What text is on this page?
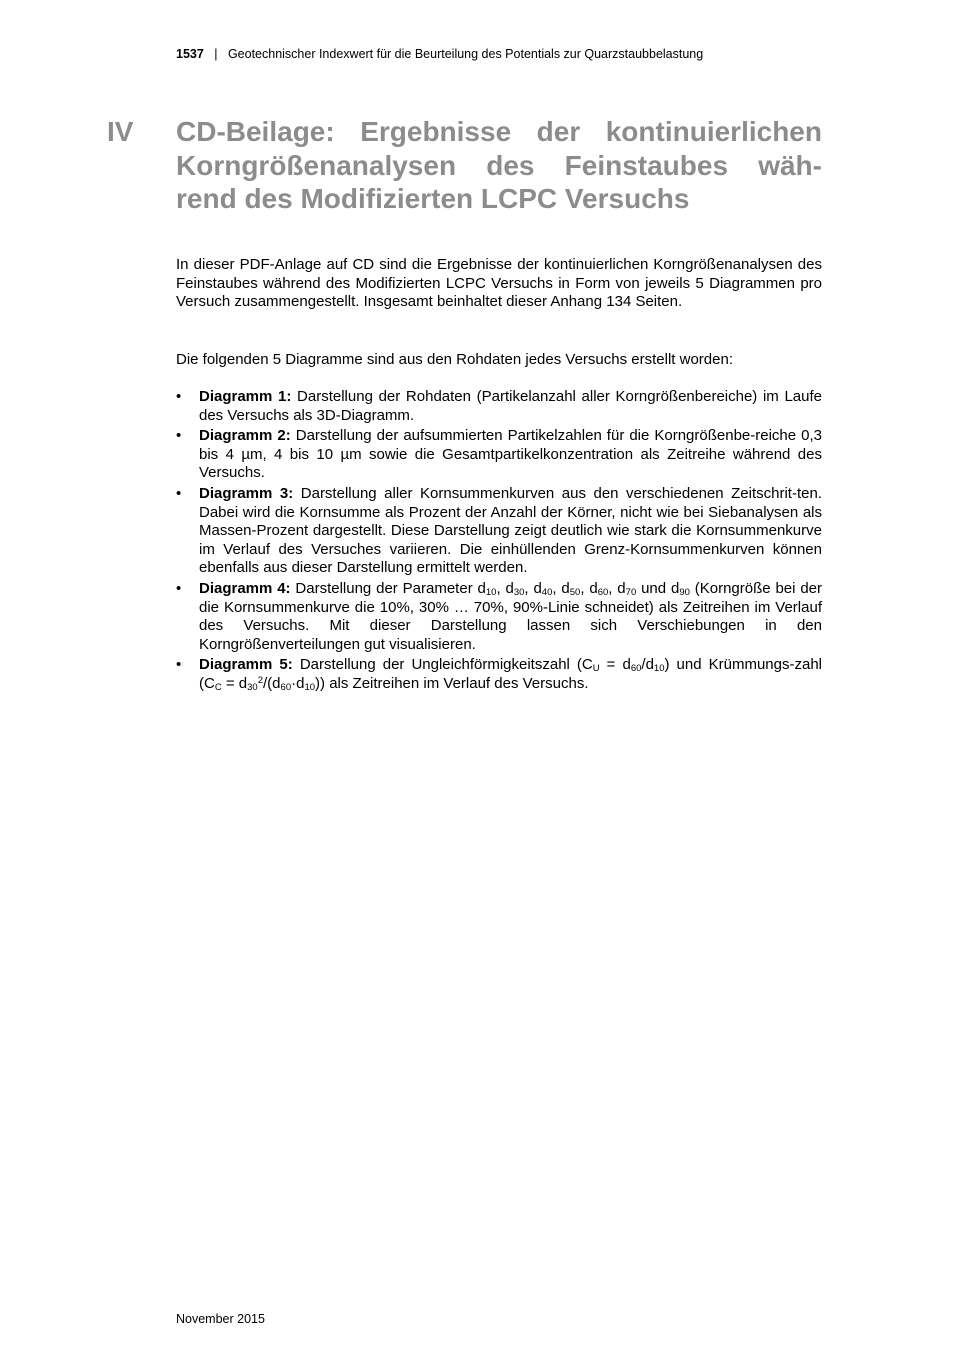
1537 | Geotechnischer Indexwert für die Beurteilung des Potentials zur Quarzstaubbelastung
IV CD-Beilage: Ergebnisse der kontinuierlichen
Korngrößenanalysen des Feinstaubes wäh-
rend des Modifizierten LCPC Versuchs

In dieser PDF-Anlage auf CD sind die Ergebnisse der kontinuierlichen Korngrößenanalysen des Feinstaubes während des Modifizierten LCPC Versuchs in Form von jeweils 5 Diagrammen pro Versuch zusammengestellt. Insgesamt beinhaltet dieser Anhang 134 Seiten.

Die folgenden 5 Diagramme sind aus den Rohdaten jedes Versuchs erstellt worden:

• Diagramm 1: Darstellung der Rohdaten (Partikelanzahl aller Korngrößenbereiche) im Laufe des Versuchs als 3D-Diagramm.
• Diagramm 2: Darstellung der aufsummierten Partikelzahlen für die Korngrößenbe-reiche 0,3 bis 4 µm, 4 bis 10 µm sowie die Gesamtpartikelkonzentration als Zeitreihe während des Versuchs.
• Diagramm 3: Darstellung aller Kornsummenkurven aus den verschiedenen Zeitschrit-ten. Dabei wird die Kornsumme als Prozent der Anzahl der Körner, nicht wie bei Siebanalysen als Massen-Prozent dargestellt. Diese Darstellung zeigt deutlich wie stark die Kornsummenkurve im Verlauf des Versuches variieren. Die einhüllenden Grenz-Kornsummenkurven können ebenfalls aus dieser Darstellung ermittelt werden.
• Diagramm 4: Darstellung der Parameter $d_{10}$, $d_{30}$, $d_{40}$, $d_{50}$, $d_{60}$, $d_{70}$ und $d_{90}$ (Korngröße bei der die Kornsummenkurve die 10%, 30% … 70%, 90%-Linie schneidet) als Zeitreihen im Verlauf des Versuchs. Mit dieser Darstellung lassen sich Verschiebungen in den Korngrößenverteilungen gut visualisieren.
• Diagramm 5: Darstellung der Ungleichförmigkeitszahl $(C_U = d_{60}/d_{10})$ und Krümmungs-zahl $(C_C = d_{30}^2/(d_{60}\cdot d_{10}))$ als Zeitreihen im Verlauf des Versuchs.
November 2015
